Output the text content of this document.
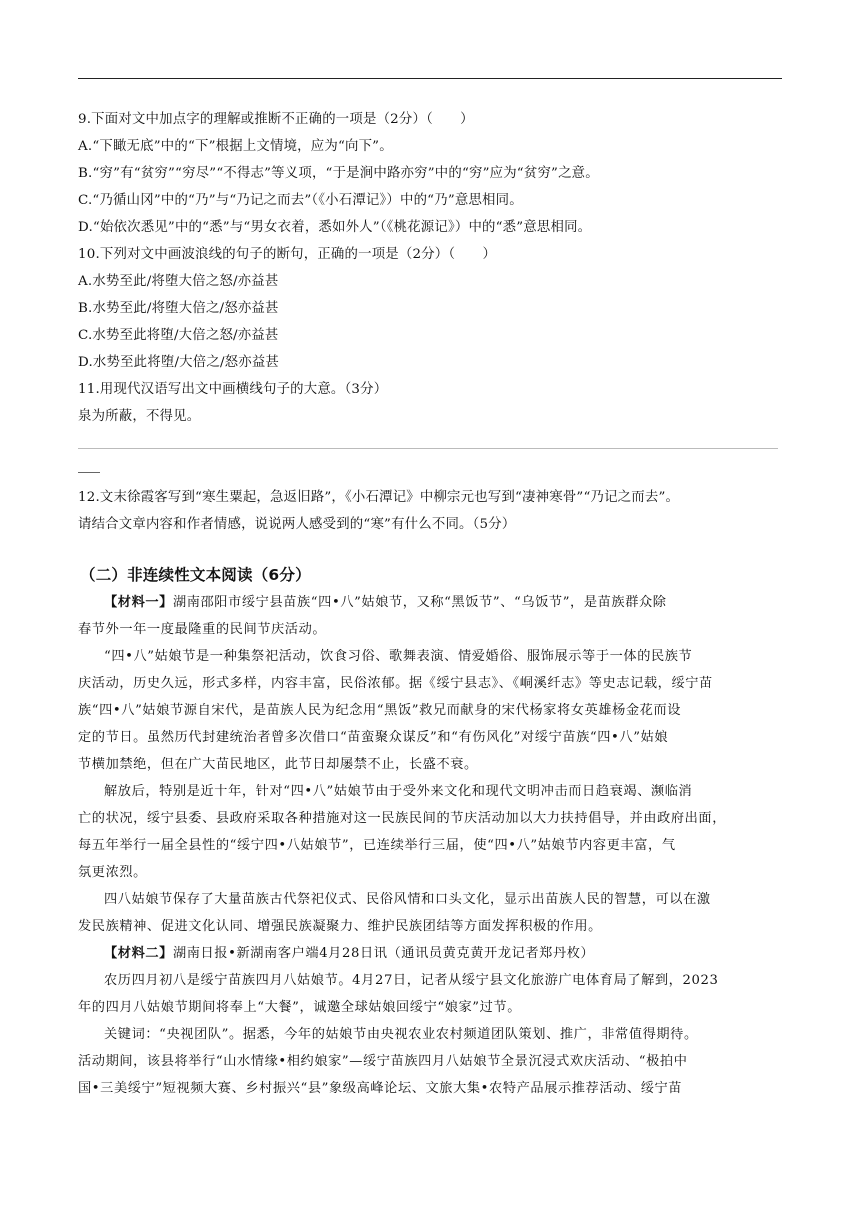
9.下面对文中加点字的理解或推断不正确的一项是（2分）（　　）
A.“下瞰无底”中的“下”根据上文情境，应为“向下”。
B.“穷”有“贫穷”“穷尽”“不得志”等义项，“于是涧中路亦穷”中的“穷”应为“贫穷”之意。
C.“乃循山冈”中的“乃”与“乃记之而去”（《小石潭记》）中的“乃”意思相同。
D.“始依次悉见”中的“悉”与“男女衣着，悉如外人”（《桃花源记》）中的“悉”意思相同。
10.下列对文中画波浪线的句子的断句，正确的一项是（2分）（　　）
A.水势至此/将堕大倍之怒/亦益甚
B.水势至此/将堕大倍之/怒亦益甚
C.水势至此将堕/大倍之怒/亦益甚
D.水势至此将堕/大倍之/怒亦益甚
11.用现代汉语写出文中画横线句子的大意。（3分）
泉为所蔽，不得见。
12.文末徐霞客写到“寒生粟起，急返旧路”，《小石潭记》中柳宗元也写到“凄神寒骨”“乃记之而去”。
请结合文章内容和作者情感，说说两人感受到的“寒”有什么不同。（5分）
（二）非连续性文本阅读（6分）
【材料一】湖南邵阳市绥宁县苗族“四•八”姑娘节，又称“黑饭节”、“乌饭节”，是苗族群众除
春节外一年一度最隆重的民间节庆活动。
“四•八”姑娘节是一种集祭祀活动，饮食习俗、歌舞表演、情爱婚俗、服饰展示等于一体的民族节
庆活动，历史久远，形式多样，内容丰富，民俗浓郁。据《绥宁县志》、《峒溪纤志》等史志记载，绥宁苗
族“四•八”姑娘节源自宋代，是苗族人民为纪念用“黑饭”救兄而献身的宋代杨家将女英雄杨金花而设
定的节日。虽然历代封建统治者曾多次借口“苗蛮聚众谋反”和“有伤风化”对绥宁苗族“四•八”姑娘
节横加禁绝，但在广大苗民地区，此节日却屡禁不止，长盛不衰。
解放后，特别是近十年，针对“四•八”姑娘节由于受外来文化和现代文明冲击而日趋衰竭、濒临消
亡的状况，绥宁县委、县政府采取各种措施对这一民族民间的节庆活动加以大力扶持倡导，并由政府出面，
每五年举行一届全县性的“绥宁四•八姑娘节”，已连续举行三届，使“四•八”姑娘节内容更丰富，气
氛更浓烈。
四八姑娘节保存了大量苗族古代祭祀仪式、民俗风情和口头文化，显示出苗族人民的智慧，可以在激
发民族精神、促进文化认同、增强民族凝聚力、维护民族团结等方面发挥积极的作用。
【材料二】湖南日报•新湖南客户端4月28日讯（通讯员黄克黄开龙记者郑丹枚）
农历四月初八是绥宁苗族四月八姑娘节。4月27日，记者从绥宁县文化旅游广电体育局了解到，2023
年的四月八姑娘节期间将奉上“大餐”，诚邀全球姑娘回绥宁“娘家”过节。
关键词：“央视团队”。据悉，今年的姑娘节由央视农业农村频道团队策划、推广，非常值得期待。
活动期间，该县将举行“山水情缘•相约娘家”—绥宁苗族四月八姑娘节全景沉浸式欢庆活动、“极拍中
国•三美绥宁”短视频大赛、乡村振兴“县”象级高峰论坛、文旅大集•农特产品展示推荐活动、绥宁苗
